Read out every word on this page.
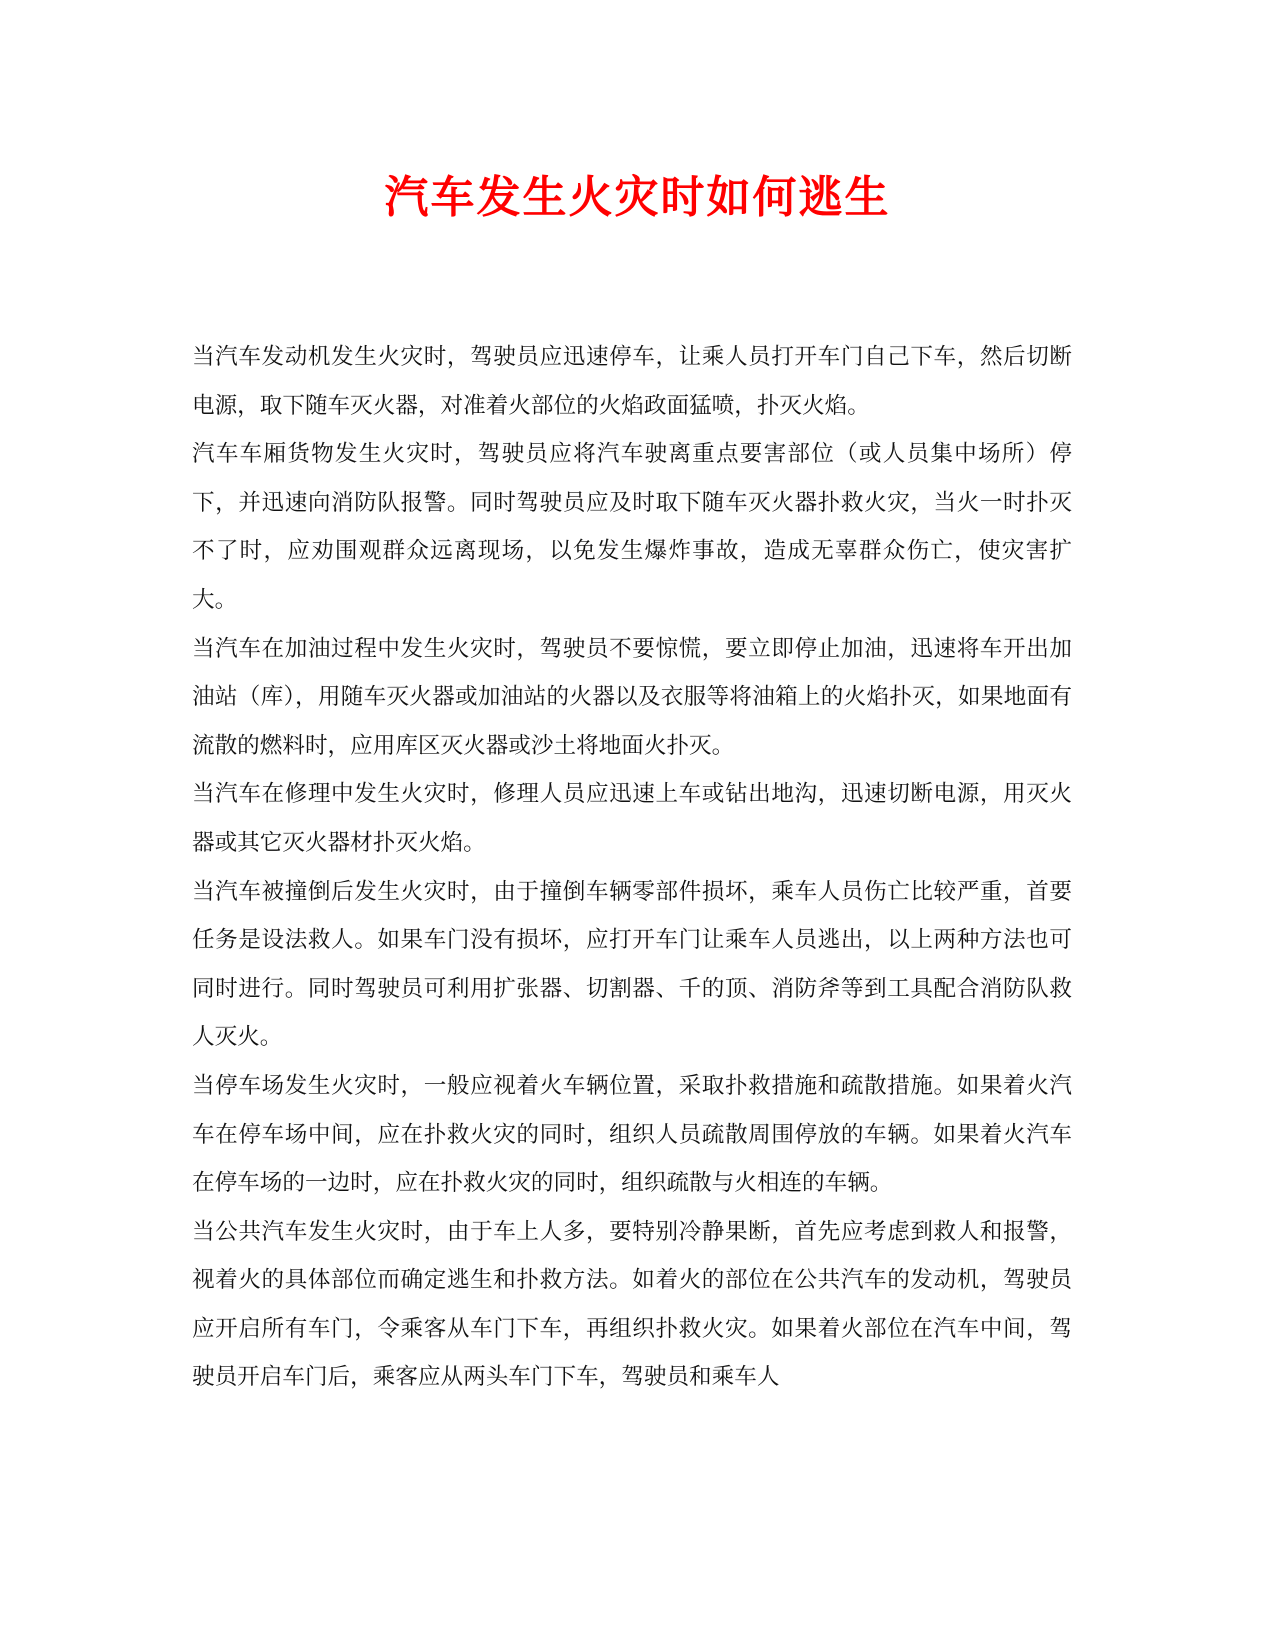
汽车发生火灾时如何逃生

当汽车发动机发生火灾时，驾驶员应迅速停车，让乘人员打开车门自己下车，然后切断电源，取下随车灭火器，对准着火部位的火焰政面猛喷，扑灭火焰。

汽车车厢货物发生火灾时，驾驶员应将汽车驶离重点要害部位（或人员集中场所）停下，并迅速向消防队报警。同时驾驶员应及时取下随车灭火器扑救火灾，当火一时扑灭不了时，应劝围观群众远离现场，以免发生爆炸事故，造成无辜群众伤亡，使灾害扩大。

当汽车在加油过程中发生火灾时，驾驶员不要惊慌，要立即停止加油，迅速将车开出加油站（库），用随车灭火器或加油站的火器以及衣服等将油箱上的火焰扑灭，如果地面有流散的燃料时，应用库区灭火器或沙土将地面火扑灭。

当汽车在修理中发生火灾时，修理人员应迅速上车或钻出地沟，迅速切断电源，用灭火器或其它灭火器材扑灭火焰。

当汽车被撞倒后发生火灾时，由于撞倒车辆零部件损坏，乘车人员伤亡比较严重，首要任务是设法救人。如果车门没有损坏，应打开车门让乘车人员逃出，以上两种方法也可同时进行。同时驾驶员可利用扩张器、切割器、千的顶、消防斧等到工具配合消防队救人灭火。

当停车场发生火灾时，一般应视着火车辆位置，采取扑救措施和疏散措施。如果着火汽车在停车场中间，应在扑救火灾的同时，组织人员疏散周围停放的车辆。如果着火汽车在停车场的一边时，应在扑救火灾的同时，组织疏散与火相连的车辆。

当公共汽车发生火灾时，由于车上人多，要特别冷静果断，首先应考虑到救人和报警，视着火的具体部位而确定逃生和扑救方法。如着火的部位在公共汽车的发动机，驾驶员应开启所有车门，令乘客从车门下车，再组织扑救火灾。如果着火部位在汽车中间，驾驶员开启车门后，乘客应从两头车门下车，驾驶员和乘车人
